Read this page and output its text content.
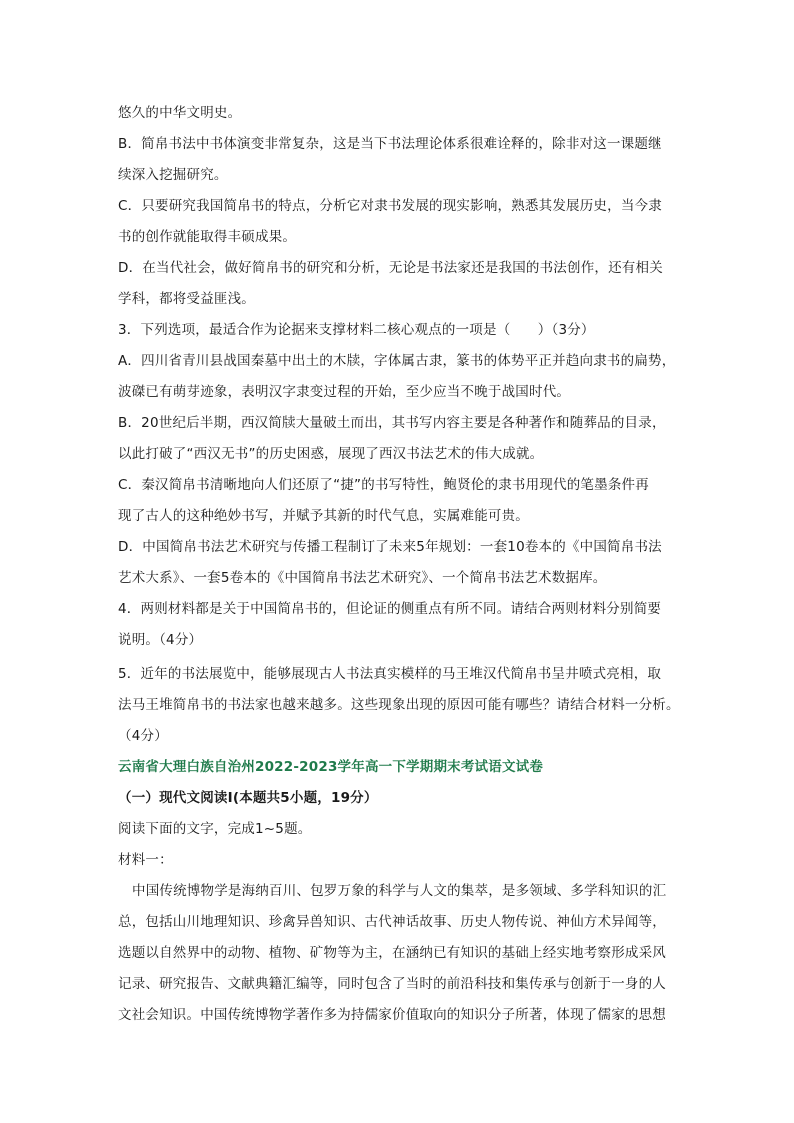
悠久的中华文明史。
B．简帛书法中书体演变非常复杂，这是当下书法理论体系很难诠释的，除非对这一课题继
续深入挖掘研究。
C．只要研究我国简帛书的特点，分析它对隶书发展的现实影响，熟悉其发展历史，当今隶
书的创作就能取得丰硕成果。
D．在当代社会，做好简帛书的研究和分析，无论是书法家还是我国的书法创作，还有相关
学科，都将受益匪浅。
3．下列选项，最适合作为论据来支撑材料二核心观点的一项是（　　）（3分）
A．四川省青川县战国秦墓中出土的木牍，字体属古隶，篆书的体势平正并趋向隶书的扁势，
波磔已有萌芽迹象，表明汉字隶变过程的开始，至少应当不晚于战国时代。
B．20世纪后半期，西汉简牍大量破土而出，其书写内容主要是各种著作和随葬品的目录，
以此打破了“西汉无书”的历史困惑，展现了西汉书法艺术的伟大成就。
C．秦汉简帛书清晰地向人们还原了“捷”的书写特性，鲍贤伦的隶书用现代的笔墨条件再
现了古人的这种绝妙书写，并赋予其新的时代气息，实属难能可贵。
D．中国简帛书法艺术研究与传播工程制订了未来5年规划：一套10卷本的《中国简帛书法
艺术大系》、一套5卷本的《中国简帛书法艺术研究》、一个简帛书法艺术数据库。
4．两则材料都是关于中国简帛书的，但论证的侧重点有所不同。请结合两则材料分别简要
说明。（4分）
5．近年的书法展览中，能够展现古人书法真实模样的马王堆汉代简帛书呈井喷式亮相，取
法马王堆简帛书的书法家也越来越多。这些现象出现的原因可能有哪些？请结合材料一分析。
（4分）
云南省大理白族自治州2022-2023学年高一下学期期末考试语文试卷
（一）现代文阅读I(本题共5小题，19分）
阅读下面的文字，完成1~5题。
材料一：
中国传统博物学是海纳百川、包罗万象的科学与人文的集萃，是多领域、多学科知识的汇
总，包括山川地理知识、珍禽异兽知识、古代神话故事、历史人物传说、神仙方术异闻等，
选题以自然界中的动物、植物、矿物等为主，在涵纳已有知识的基础上经实地考察形成采风
记录、研究报告、文献典籍汇编等，同时包含了当时的前沿科技和集传承与创新于一身的人
文社会知识。中国传统博物学著作多为持儒家价值取向的知识分子所著，体现了儒家的思想
